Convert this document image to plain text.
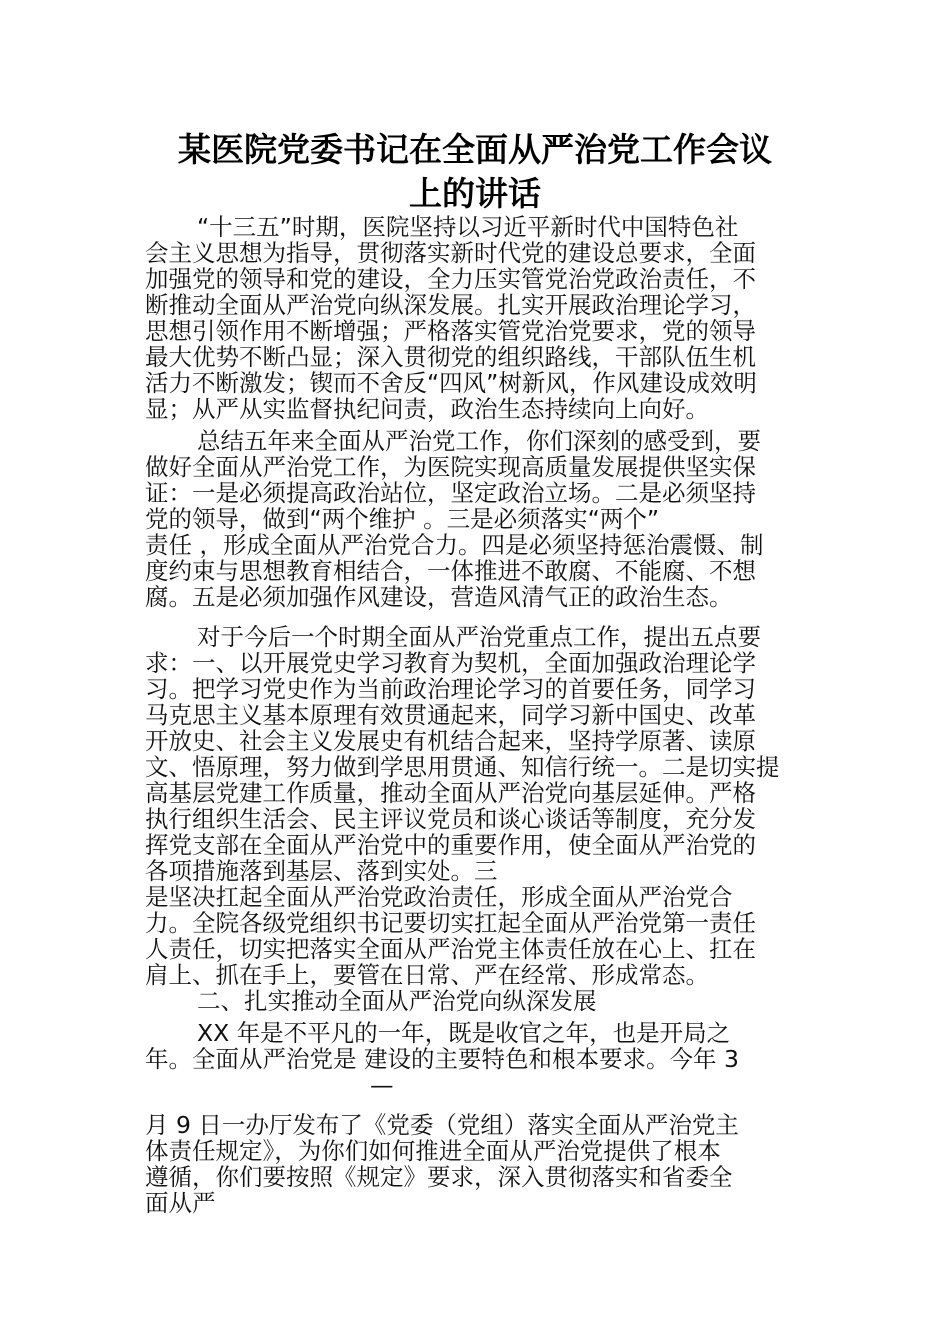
某医院党委书记在全面从严治党工作会议
上的讲话

“十三五”时期，医院坚持以习近平新时代中国特色社
会主义思想为指导，贯彻落实新时代党的建设总要求，全面
加强党的领导和党的建设，全力压实管党治党政治责任，不
断推动全面从严治党向纵深发展。扎实开展政治理论学习，
思想引领作用不断增强；严格落实管党治党要求，党的领导
最大优势不断凸显；深入贯彻党的组织路线，干部队伍生机
活力不断激发；锲而不舍反“四风”树新风，作风建设成效明
显；从严从实监督执纪问责，政治生态持续向上向好。

总结五年来全面从严治党工作，你们深刻的感受到，要
做好全面从严治党工作，为医院实现高质量发展提供坚实保
证：一是必须提高政治站位，坚定政治立场。二是必须坚持
党的领导，做到“两个维护 。三是必须落实“两个”
责任 ，形成全面从严治党合力。四是必须坚持惩治震慑、制
度约束与思想教育相结合，一体推进不敢腐、不能腐、不想
腐。五是必须加强作风建设，营造风清气正的政治生态。

对于今后一个时期全面从严治党重点工作，提出五点要
求：一、以开展党史学习教育为契机，全面加强政治理论学
习。把学习党史作为当前政治理论学习的首要任务，同学习
马克思主义基本原理有效贯通起来，同学习新中国史、改革
开放史、社会主义发展史有机结合起来，坚持学原著、读原
文、悟原理，努力做到学思用贯通、知信行统一。二是切实提
高基层党建工作质量，推动全面从严治党向基层延伸。严格
执行组织生活会、民主评议党员和谈心谈话等制度，充分发
挥党支部在全面从严治党中的重要作用，使全面从严治党的
各项措施落到基层、落到实处。三
是坚决扛起全面从严治党政治责任，形成全面从严治党合
力。全院各级党组织书记要切实扛起全面从严治党第一责任
人责任，切实把落实全面从严治党主体责任放在心上、扛在
肩上、抓在手上，要管在日常、严在经常、形成常态。

二、扎实推动全面从严治党向纵深发展

XX 年是不平凡的一年，既是收官之年，也是开局之
年。全面从严治党是 建设的主要特色和根本要求。今年 3

—

月 9 日一办厅发布了《党委（党组）落实全面从严治党主
体责任规定》，为你们如何推进全面从严治党提供了根本
遵循，你们要按照《规定》要求，深入贯彻落实和省委全
面从严
